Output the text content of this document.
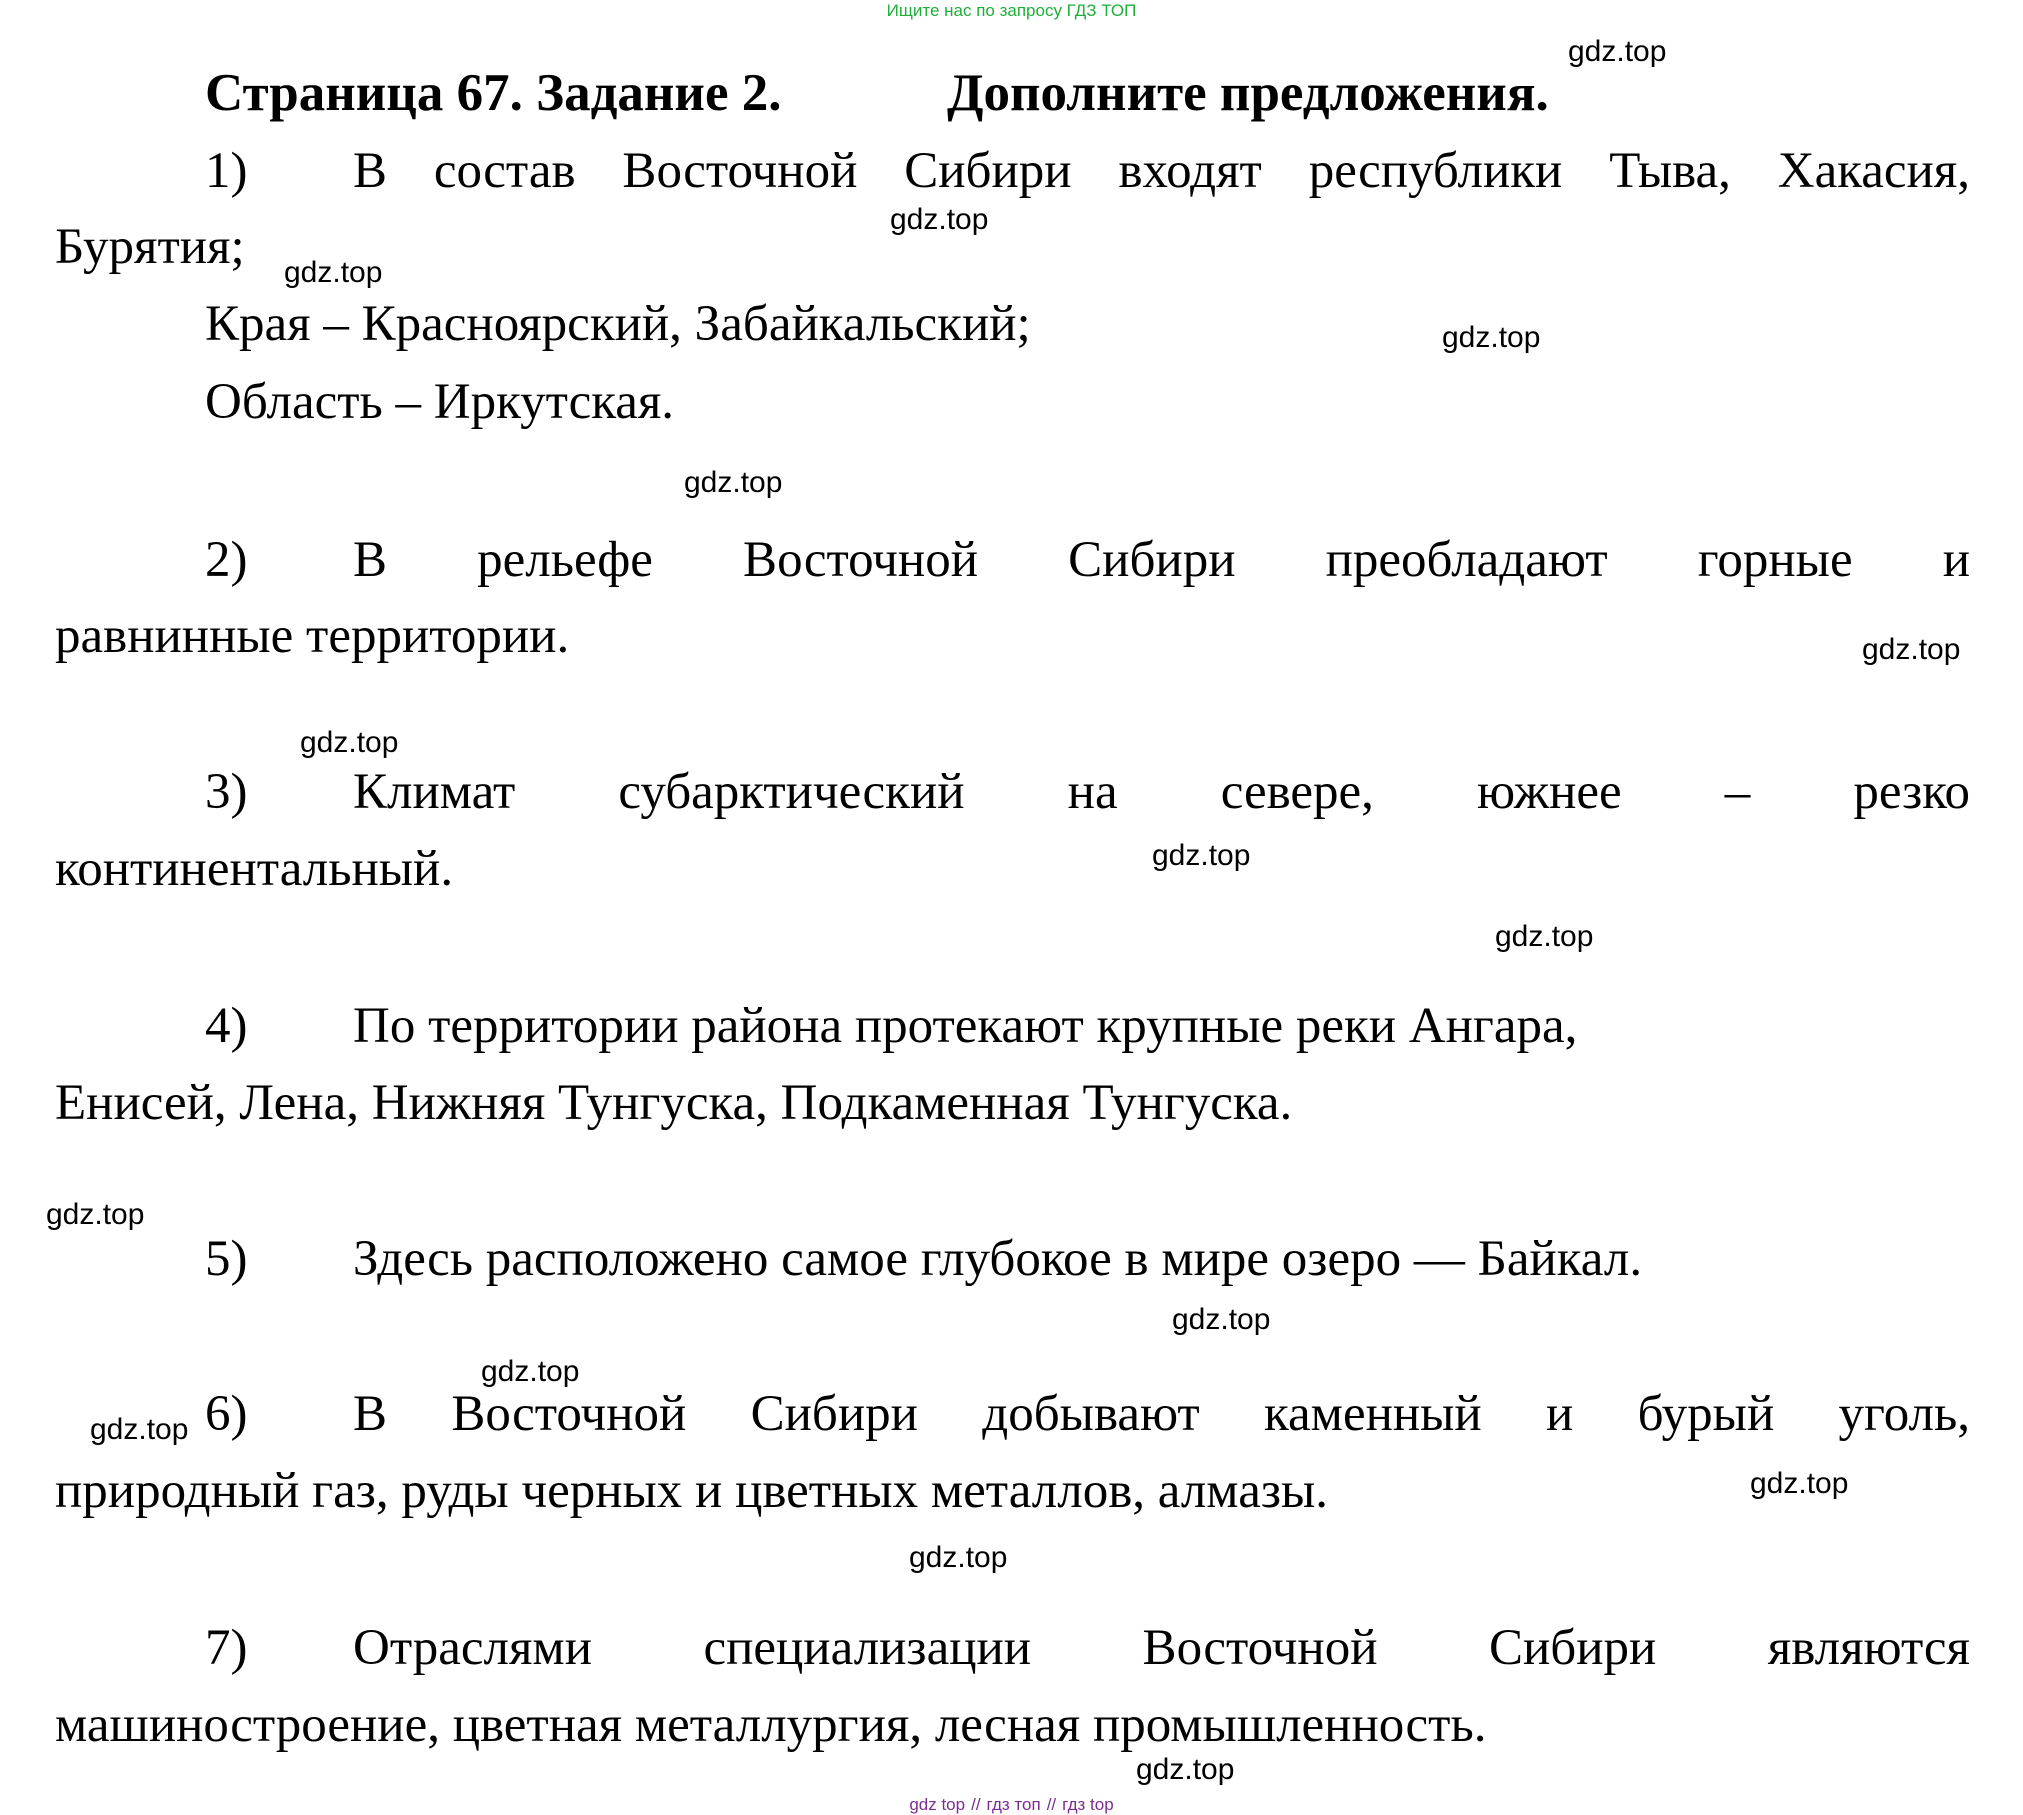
Ищите нас по запросу ГДЗ ТОП
Страница 67. Задание 2.	Дополните предложения.
1) В состав Восточной Сибири входят республики Тыва, Хакасия,
Бурятия;
Края – Красноярский, Забайкальский;
Область – Иркутская.
2) В рельефе Восточной Сибири преобладают горные и
равнинные территории.
3) Климат субарктический на севере, южнее – резко
континентальный.
4) По территории района протекают крупные реки Ангара,
Енисей, Лена, Нижняя Тунгуска, Подкаменная Тунгуска.
5) Здесь расположено самое глубокое в мире озеро — Байкал.
6) В Восточной Сибири добывают каменный и бурый уголь,
природный газ, руды черных и цветных металлов, алмазы.
7) Отраслями специализации Восточной Сибири являются
машиностроение, цветная металлургия, лесная промышленность.
gdz.top
gdz.top
gdz.top
gdz.top
gdz.top
gdz.top
gdz.top
gdz.top
gdz.top
gdz.top
gdz.top
gdz.top
gdz.top
gdz.top
gdz.top
gdz.top
gdz top // гдз топ // гдз top
